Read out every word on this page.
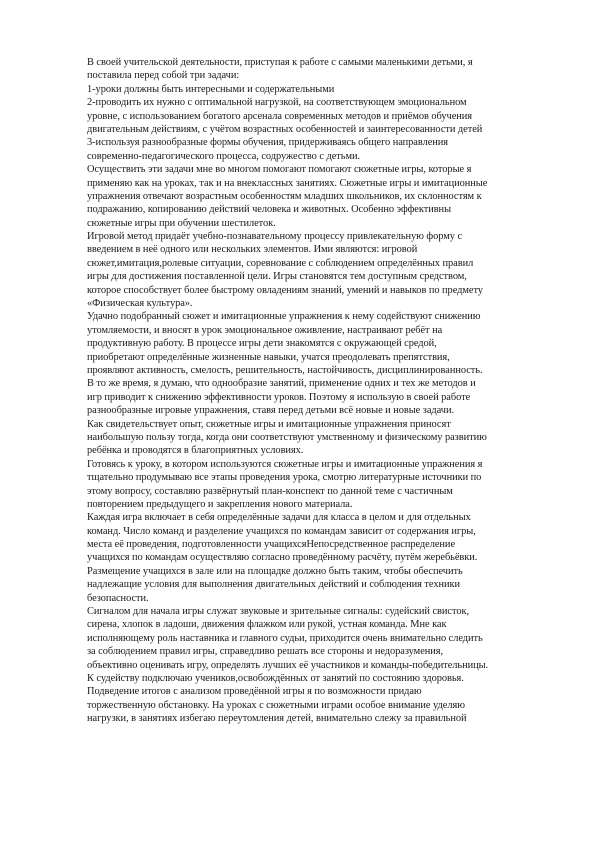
В своей учительской деятельности, приступая к работе с самыми маленькими детьми, я
поставила перед собой три задачи:
1-уроки должны быть интересными и содержательными
2-проводить их нужно с оптимальной нагрузкой, на соответствующем эмоциональном
уровне, с использованием богатого арсенала современных методов и приёмов обучения
двигательным действиям, с учётом возрастных особенностей и заинтересованности детей
3-используя разнообразные формы обучения, придерживаясь общего направления
современно-педагогического процесса, содружество с детьми.
Осуществить эти задачи мне во многом помогают помогают сюжетные игры, которые я
применяю как на уроках, так и на внеклассных занятиях. Сюжетные игры и имитационные
упражнения отвечают возрастным особенностям младших школьников, их склонностям к
подражанию, копированию действий человека и животных. Особенно эффективны
сюжетные игры при обучении шестилеток.
Игровой метод придаёт учебно-познавательному процессу привлекательную форму с
введением в неё одного или нескольких элементов. Ими являются: игровой
сюжет,имитация,ролевые ситуации, соревнование с соблюдением определённых правил
игры для достижения поставленной цели. Игры становятся тем доступным средством,
которое способствует более быстрому овладениям знаний, умений и навыков по предмету
«Физическая культура».
Удачно подобранный сюжет и имитационные упражнения к нему содействуют снижению
утомляемости, и вносят в урок эмоциональное оживление, настраивают ребёт на
продуктивную работу. В процессе игры дети знакомятся с окружающей средой,
приобретают определённые жизненные навыки, учатся преодолевать препятствия,
проявляют активность, смелость, решительность, настойчивость, дисциплинированность.
В то же время, я думаю, что однообразие занятий, применение одних и тех же методов и
игр приводит к снижению эффективности уроков. Поэтому я использую в своей работе
разнообразные игровые упражнения, ставя перед детьми всё новые и новые задачи.
Как свидетельствует опыт, сюжетные игры и имитационные упражнения приносят
наибольшую пользу тогда, когда они соответствуют умственному и физическому развитию
ребёнка и проводятся в благоприятных условиях.
Готовясь к уроку, в котором используются сюжетные игры и имитационные упражнения я
тщательно продумываю все этапы проведения урока, смотрю литературные источники по
этому вопросу, составляю развёрнутый план-конспект по данной теме с частичным
повторением предыдущего и закрепления нового материала.
Каждая игра включает в себя определённые задачи для класса в целом и для отдельных
команд. Число команд и разделение учащихся по командам зависит от содержания игры,
места её проведения, подготовленности учащихсяНепосредственное распределение
учащихся по командам осуществляю согласно проведённому расчёту, путём жеребьёвки.
Размещение учащихся в зале или на площадке должно быть таким, чтобы обеспечить
надлежащие условия для выполнения двигательных действий и соблюдения техники
безопасности.
Сигналом для начала игры служат звуковые и зрительные сигналы: судейский свисток,
сирена, хлопок в ладоши, движения флажком или рукой, устная команда. Мне как
исполняющему роль наставника и главного судьи, приходится очень внимательно следить
за соблюдением правил игры, справедливо решать все стороны и недоразумения,
объективно оценивать игру, определять лучших её участников и команды-победительницы.
К судейству подключаю учеников,освобождённых от занятий по состоянию здоровья.
Подведение итогов с анализом проведённой игры я по возможности придаю
торжественную обстановку. На уроках с сюжетными играми особое внимание уделяю
нагрузки, в занятиях избегаю переутомления детей, внимательно слежу за правильной
